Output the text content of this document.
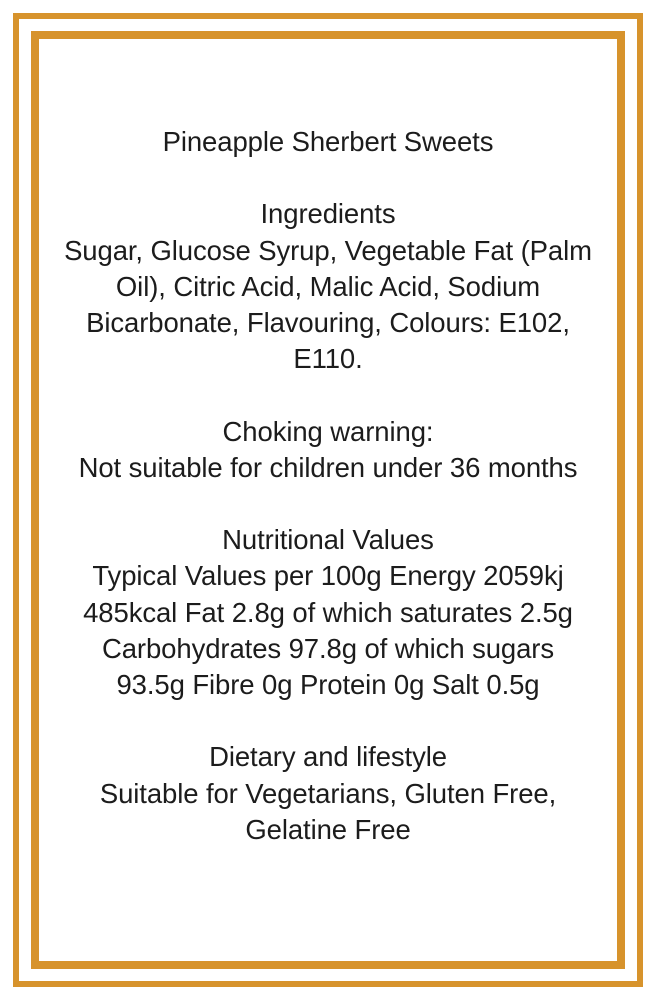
Pineapple Sherbert Sweets
Ingredients
Sugar, Glucose Syrup, Vegetable Fat (Palm
Oil), Citric Acid, Malic Acid, Sodium
Bicarbonate, Flavouring, Colours: E102,
E110.
Choking warning:
Not suitable for children under 36 months
Nutritional Values
Typical Values per 100g Energy 2059kj
485kcal Fat 2.8g of which saturates 2.5g
Carbohydrates 97.8g of which sugars
93.5g Fibre 0g Protein 0g Salt 0.5g
Dietary and lifestyle
Suitable for Vegetarians, Gluten Free,
Gelatine Free
